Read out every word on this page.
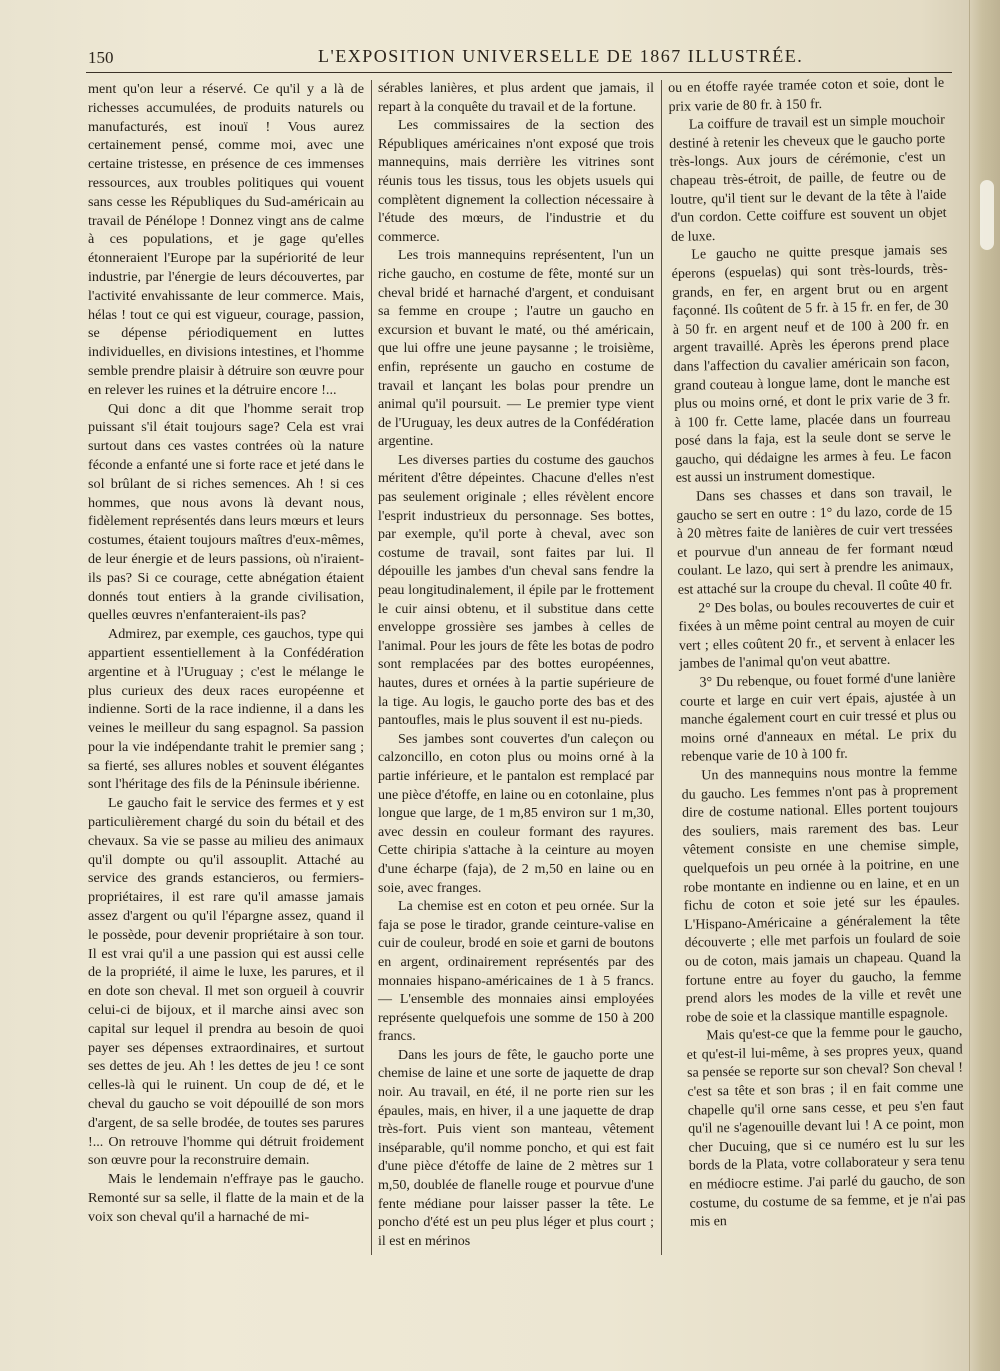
150	L'EXPOSITION UNIVERSELLE DE 1867 ILLUSTRÉE.

ment qu'on leur a réservé. Ce qu'il y a là de richesses accumulées, de produits naturels ou manufacturés, est inouï ! Vous aurez certainement pensé, comme moi, avec une certaine tristesse, en présence de ces immenses ressources, aux troubles politiques qui vouent sans cesse les Républiques du Sud-américain au travail de Pénélope ! Donnez vingt ans de calme à ces populations, et je gage qu'elles étonneraient l'Europe par la supériorité de leur industrie, par l'énergie de leurs découvertes, par l'activité envahissante de leur commerce. Mais, hélas ! tout ce qui est vigueur, courage, passion, se dépense périodiquement en luttes individuelles, en divisions intestines, et l'homme semble prendre plaisir à détruire son œuvre pour en relever les ruines et la détruire encore !...

Qui donc a dit que l'homme serait trop puissant s'il était toujours sage? Cela est vrai surtout dans ces vastes contrées où la nature féconde a enfanté une si forte race et jeté dans le sol brûlant de si riches semences. Ah ! si ces hommes, que nous avons là devant nous, fidèlement représentés dans leurs mœurs et leurs costumes, étaient toujours maîtres d'eux-mêmes, de leur énergie et de leurs passions, où n'iraient-ils pas? Si ce courage, cette abnégation étaient donnés tout entiers à la grande civilisation, quelles œuvres n'enfanteraient-ils pas?

Admirez, par exemple, ces gauchos, type qui appartient essentiellement à la Confédération argentine et à l'Uruguay ; c'est le mélange le plus curieux des deux races européenne et indienne. Sorti de la race indienne, il a dans les veines le meilleur du sang espagnol. Sa passion pour la vie indépendante trahit le premier sang ; sa fierté, ses allures nobles et souvent élégantes sont l'héritage des fils de la Péninsule ibérienne.

Le gaucho fait le service des fermes et y est particulièrement chargé du soin du bétail et des chevaux. Sa vie se passe au milieu des animaux qu'il dompte ou qu'il assouplit. Attaché au service des grands estancieros, ou fermiers-propriétaires, il est rare qu'il amasse jamais assez d'argent ou qu'il l'épargne assez, quand il le possède, pour devenir propriétaire à son tour. Il est vrai qu'il a une passion qui est aussi celle de la propriété, il aime le luxe, les parures, et il en dote son cheval. Il met son orgueil à couvrir celui-ci de bijoux, et il marche ainsi avec son capital sur lequel il prendra au besoin de quoi payer ses dépenses extraordinaires, et surtout ses dettes de jeu. Ah ! les dettes de jeu ! ce sont celles-là qui le ruinent. Un coup de dé, et le cheval du gaucho se voit dépouillé de son mors d'argent, de sa selle brodée, de toutes ses parures !... On retrouve l'homme qui détruit froidement son œuvre pour la reconstruire demain.

Mais le lendemain n'effraye pas le gaucho. Remonté sur sa selle, il flatte de la main et de la voix son cheval qu'il a harnaché de mi-

sérables lanières, et plus ardent que jamais, il repart à la conquête du travail et de la fortune.

Les commissaires de la section des Républiques américaines n'ont exposé que trois mannequins, mais derrière les vitrines sont réunis tous les tissus, tous les objets usuels qui complètent dignement la collection nécessaire à l'étude des mœurs, de l'industrie et du commerce.

Les trois mannequins représentent, l'un un riche gaucho, en costume de fête, monté sur un cheval bridé et harnaché d'argent, et conduisant sa femme en croupe ; l'autre un gaucho en excursion et buvant le maté, ou thé américain, que lui offre une jeune paysanne ; le troisième, enfin, représente un gaucho en costume de travail et lançant les bolas pour prendre un animal qu'il poursuit. — Le premier type vient de l'Uruguay, les deux autres de la Confédération argentine.

Les diverses parties du costume des gauchos méritent d'être dépeintes. Chacune d'elles n'est pas seulement originale ; elles révèlent encore l'esprit industrieux du personnage. Ses bottes, par exemple, qu'il porte à cheval, avec son costume de travail, sont faites par lui. Il dépouille les jambes d'un cheval sans fendre la peau longitudinalement, il épile par le frottement le cuir ainsi obtenu, et il substitue dans cette enveloppe grossière ses jambes à celles de l'animal. Pour les jours de fête les botas de podro sont remplacées par des bottes européennes, hautes, dures et ornées à la partie supérieure de la tige. Au logis, le gaucho porte des bas et des pantoufles, mais le plus souvent il est nu-pieds.

Ses jambes sont couvertes d'un caleçon ou calzoncillo, en coton plus ou moins orné à la partie inférieure, et le pantalon est remplacé par une pièce d'étoffe, en laine ou en cotonlaine, plus longue que large, de 1 m,85 environ sur 1 m,30, avec dessin en couleur formant des rayures. Cette chiripia s'attache à la ceinture au moyen d'une écharpe (faja), de 2 m,50 en laine ou en soie, avec franges.

La chemise est en coton et peu ornée. Sur la faja se pose le tirador, grande ceinture-valise en cuir de couleur, brodé en soie et garni de boutons en argent, ordinairement représentés par des monnaies hispano-américaines de 1 à 5 francs. — L'ensemble des monnaies ainsi employées représente quelquefois une somme de 150 à 200 francs.

Dans les jours de fête, le gaucho porte une chemise de laine et une sorte de jaquette de drap noir. Au travail, en été, il ne porte rien sur les épaules, mais, en hiver, il a une jaquette de drap très-fort. Puis vient son manteau, vêtement inséparable, qu'il nomme poncho, et qui est fait d'une pièce d'étoffe de laine de 2 mètres sur 1 m,50, doublée de flanelle rouge et pourvue d'une fente médiane pour laisser passer la tête. Le poncho d'été est un peu plus léger et plus court ; il est en mérinos

ou en étoffe rayée tramée coton et soie, dont le prix varie de 80 fr. à 150 fr.

La coiffure de travail est un simple mouchoir destiné à retenir les cheveux que le gaucho porte très-longs. Aux jours de cérémonie, c'est un chapeau très-étroit, de paille, de feutre ou de loutre, qu'il tient sur le devant de la tête à l'aide d'un cordon. Cette coiffure est souvent un objet de luxe.

Le gaucho ne quitte presque jamais ses éperons (espuelas) qui sont très-lourds, très-grands, en fer, en argent brut ou en argent façonné. Ils coûtent de 5 fr. à 15 fr. en fer, de 30 à 50 fr. en argent neuf et de 100 à 200 fr. en argent travaillé. Après les éperons prend place dans l'affection du cavalier américain son facon, grand couteau à longue lame, dont le manche est plus ou moins orné, et dont le prix varie de 3 fr. à 100 fr. Cette lame, placée dans un fourreau posé dans la faja, est la seule dont se serve le gaucho, qui dédaigne les armes à feu. Le facon est aussi un instrument domestique.

Dans ses chasses et dans son travail, le gaucho se sert en outre : 1° du lazo, corde de 15 à 20 mètres faite de lanières de cuir vert tressées et pourvue d'un anneau de fer formant nœud coulant. Le lazo, qui sert à prendre les animaux, est attaché sur la croupe du cheval. Il coûte 40 fr.

2° Des bolas, ou boules recouvertes de cuir et fixées à un même point central au moyen de cuir vert ; elles coûtent 20 fr., et servent à enlacer les jambes de l'animal qu'on veut abattre.

3° Du rebenque, ou fouet formé d'une lanière courte et large en cuir vert épais, ajustée à un manche également court en cuir tressé et plus ou moins orné d'anneaux en métal. Le prix du rebenque varie de 10 à 100 fr.

Un des mannequins nous montre la femme du gaucho. Les femmes n'ont pas à proprement dire de costume national. Elles portent toujours des souliers, mais rarement des bas. Leur vêtement consiste en une chemise simple, quelquefois un peu ornée à la poitrine, en une robe montante en indienne ou en laine, et en un fichu de coton et soie jeté sur les épaules. L'Hispano-Américaine a généralement la tête découverte ; elle met parfois un foulard de soie ou de coton, mais jamais un chapeau. Quand la fortune entre au foyer du gaucho, la femme prend alors les modes de la ville et revêt une robe de soie et la classique mantille espagnole.

Mais qu'est-ce que la femme pour le gaucho, et qu'est-il lui-même, à ses propres yeux, quand sa pensée se reporte sur son cheval? Son cheval ! c'est sa tête et son bras ; il en fait comme une chapelle qu'il orne sans cesse, et peu s'en faut qu'il ne s'agenouille devant lui ! A ce point, mon cher Ducuing, que si ce numéro est lu sur les bords de la Plata, votre collaborateur y sera tenu en médiocre estime. J'ai parlé du gaucho, de son costume, du costume de sa femme, et je n'ai pas mis en
